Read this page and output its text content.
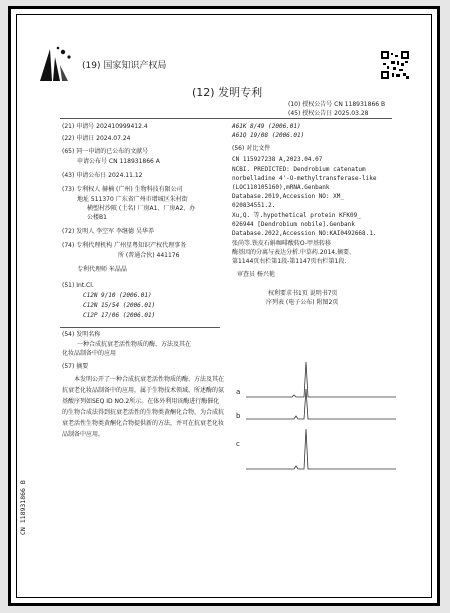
(19) 国家知识产权局
(12) 发明专利
(10) 授权公告号 CN 118931866 B
(45) 授权公告日 2025.03.28
(21) 申请号 202410999412.4
(22) 申请日 2024.07.24
(65) 同一申请的已公布的文献号
申请公布号 CN 118931866 A
(43) 申请公布日 2024.11.12
(73) 专利权人 赫楠 (广州) 生物科技有限公司
地址 511370 广东省广州市增城区朱村街
横塱村沙陂 (土名) 厂房A1、厂房A2、办
公楼B1
(72) 发明人 李空军 李继德 吴华养
(74) 专利代理机构 广州星粤知识产权代理事务
所 (普通合伙) 441176
专利代理师 米晶晶
(51) Int.Cl.
C12N 9/10 (2006.01)
C12N 15/54 (2006.01)
C12P 17/06 (2006.01)
A61K 8/49 (2006.01)
A61Q 19/08 (2006.01)
(56) 对比文件
CN 115927238 A,2023.04.07
NCBI. PREDICTED: Dendrobium catenatum
norbelladine 4'-O-methyltransferase-like
(LOC110105160),mRNA.Genbank
Database.2019,Accession NO: XM_
020834551.2.
Xu,Q. 等.hypothetical protein KFK09_
026944 [Dendrobium nobile].Genbank
Database.2022,Accession NO:KAI0492668.1.
张尚等.铁皮石斛咖啡酸转O-甲基转移
酶基因的分离与表达分析.中草药.2014,摘要、
第1144页右栏第1段-第1147页右栏第1段.
审查员 杨兴艳
权利要求书1页 说明书7页
序列表 (电子公布) 附图2页
(54) 发明名称
一种合成抗衰老活性物质的酶、方法及其在
化妆品制备中的应用
(57) 摘要
本发明公开了一种合成抗衰老活性物质的酶、方法及其在抗衰老化妆品制备中的应用，属于生物技术领域。所述酶的氨基酸序列如SEQ ID NO.2所示。在体外利用该酶进行酶催化的生物合成法得到抗衰老活性的生物类黄酮化合物，为合成抗衰老活性生物类黄酮化合物提供新的方法，并可在抗衰老化妆品制备中应用。
a
b
c
CN 118931866 B
